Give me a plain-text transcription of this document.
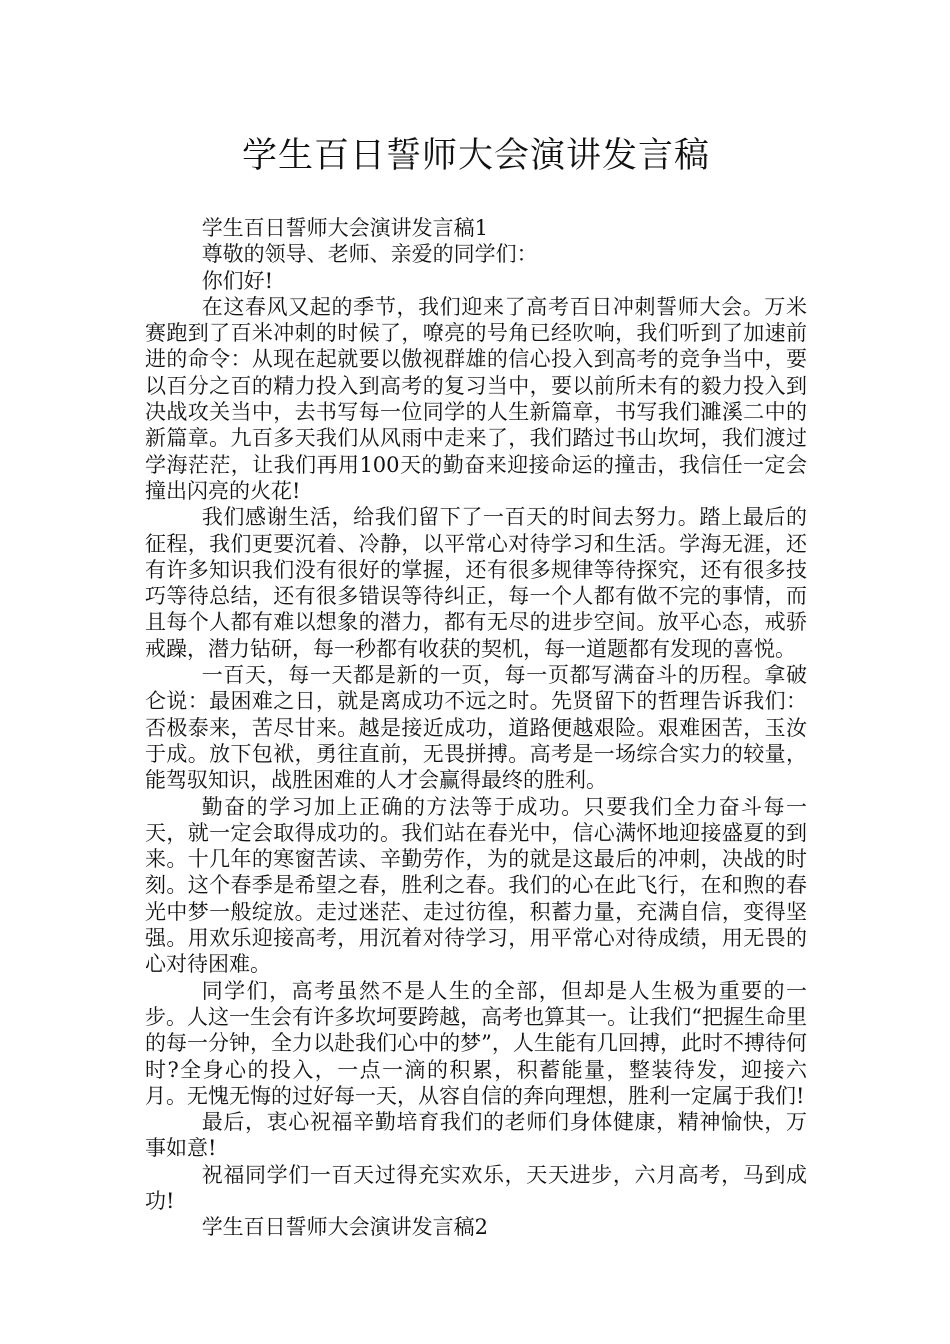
学生百日誓师大会演讲发言稿

学生百日誓师大会演讲发言稿1

尊敬的领导、老师、亲爱的同学们：

你们好!

在这春风又起的季节，我们迎来了高考百日冲刺誓师大会。万米赛跑到了百米冲刺的时候了，嘹亮的号角已经吹响，我们听到了加速前进的命令：从现在起就要以傲视群雄的信心投入到高考的竞争当中，要以百分之百的精力投入到高考的复习当中，要以前所未有的毅力投入到决战攻关当中，去书写每一位同学的人生新篇章，书写我们濉溪二中的新篇章。九百多天我们从风雨中走来了，我们踏过书山坎坷，我们渡过学海茫茫，让我们再用100天的勤奋来迎接命运的撞击，我信任一定会撞出闪亮的火花!

我们感谢生活，给我们留下了一百天的时间去努力。踏上最后的征程，我们更要沉着、冷静，以平常心对待学习和生活。学海无涯，还有许多知识我们没有很好的掌握，还有很多规律等待探究，还有很多技巧等待总结，还有很多错误等待纠正，每一个人都有做不完的事情，而且每个人都有难以想象的潜力，都有无尽的进步空间。放平心态，戒骄戒躁，潜力钻研，每一秒都有收获的契机，每一道题都有发现的喜悦。

一百天，每一天都是新的一页，每一页都写满奋斗的历程。拿破仑说：最困难之日，就是离成功不远之时。先贤留下的哲理告诉我们：否极泰来，苦尽甘来。越是接近成功，道路便越艰险。艰难困苦，玉汝于成。放下包袱，勇往直前，无畏拼搏。高考是一场综合实力的较量，能驾驭知识，战胜困难的人才会赢得最终的胜利。

勤奋的学习加上正确的方法等于成功。只要我们全力奋斗每一天，就一定会取得成功的。我们站在春光中，信心满怀地迎接盛夏的到来。十几年的寒窗苦读、辛勤劳作，为的就是这最后的冲刺，决战的时刻。这个春季是希望之春，胜利之春。我们的心在此飞行，在和煦的春光中梦一般绽放。走过迷茫、走过彷徨，积蓄力量，充满自信，变得坚强。用欢乐迎接高考，用沉着对待学习，用平常心对待成绩，用无畏的心对待困难。

同学们，高考虽然不是人生的全部，但却是人生极为重要的一步。人这一生会有许多坎坷要跨越，高考也算其一。让我们“把握生命里的每一分钟，全力以赴我们心中的梦”，人生能有几回搏，此时不搏待何时?全身心的投入，一点一滴的积累，积蓄能量，整装待发，迎接六月。无愧无悔的过好每一天，从容自信的奔向理想，胜利一定属于我们!

最后，衷心祝福辛勤培育我们的老师们身体健康，精神愉快，万事如意!

祝福同学们一百天过得充实欢乐，天天进步，六月高考，马到成功!

学生百日誓师大会演讲发言稿2
